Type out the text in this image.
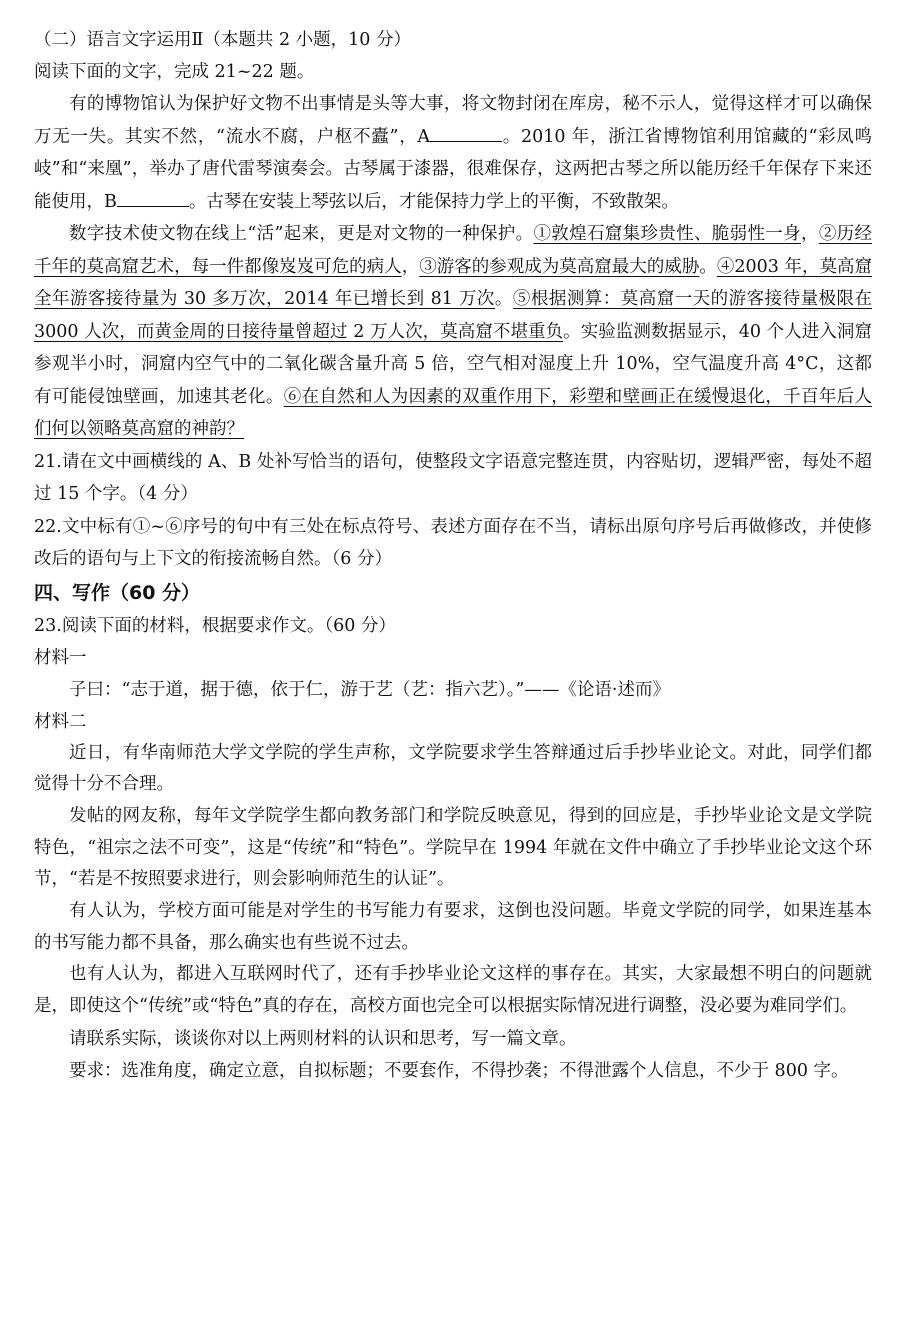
（二）语言文字运用Ⅱ（本题共 2 小题，10 分）

阅读下面的文字，完成 21~22 题。

有的博物馆认为保护好文物不出事情是头等大事，将文物封闭在库房，秘不示人，觉得这样才可以确保万无一失。其实不然，“流水不腐，户枢不蠹”，A	。2010 年，浙江省博物馆利用馆藏的“彩凤鸣岐”和“来凰”，举办了唐代雷琴演奏会。古琴属于漆器，很难保存，这两把古琴之所以能历经千年保存下来还能使用，B	。古琴在安装上琴弦以后，才能保持力学上的平衡，不致散架。

数字技术使文物在线上“活”起来，更是对文物的一种保护。①敦煌石窟集珍贵性、脆弱性一身，②历经千年的莫高窟艺术，每一件都像岌岌可危的病人，③游客的参观成为莫高窟最大的威胁。④2003 年，莫高窟全年游客接待量为 30 多万次，2014 年已增长到 81 万次。⑤根据测算：莫高窟一天的游客接待量极限在 3000 人次，而黄金周的日接待量曾超过 2 万人次，莫高窟不堪重负。实验监测数据显示，40 个人进入洞窟参观半小时，洞窟内空气中的二氧化碳含量升高 5 倍，空气相对湿度上升 10%，空气温度升高 4°C，这都有可能侵蚀壁画，加速其老化。⑥在自然和人为因素的双重作用下，彩塑和壁画正在缓慢退化，千百年后人们何以领略莫高窟的神韵？

21.请在文中画横线的 A、B 处补写恰当的语句，使整段文字语意完整连贯，内容贴切，逻辑严密，每处不超过 15 个字。（4 分）

22.文中标有①~⑥序号的句中有三处在标点符号、表述方面存在不当，请标出原句序号后再做修改，并使修改后的语句与上下文的衔接流畅自然。（6 分）

四、写作（60 分）

23.阅读下面的材料，根据要求作文。（60 分）

材料一

子曰：“志于道，据于德，依于仁，游于艺（艺：指六艺）。”——《论语·述而》

材料二

近日，有华南师范大学文学院的学生声称，文学院要求学生答辩通过后手抄毕业论文。对此，同学们都觉得十分不合理。

发帖的网友称，每年文学院学生都向教务部门和学院反映意见，得到的回应是，手抄毕业论文是文学院特色，“祖宗之法不可变”，这是“传统”和“特色”。学院早在 1994 年就在文件中确立了手抄毕业论文这个环节，“若是不按照要求进行，则会影响师范生的认证”。

有人认为，学校方面可能是对学生的书写能力有要求，这倒也没问题。毕竟文学院的同学，如果连基本的书写能力都不具备，那么确实也有些说不过去。

也有人认为，都进入互联网时代了，还有手抄毕业论文这样的事存在。其实，大家最想不明白的问题就是，即使这个“传统”或“特色”真的存在，高校方面也完全可以根据实际情况进行调整，没必要为难同学们。

请联系实际，谈谈你对以上两则材料的认识和思考，写一篇文章。

要求：选准角度，确定立意，自拟标题；不要套作，不得抄袭；不得泄露个人信息，不少于 800 字。
